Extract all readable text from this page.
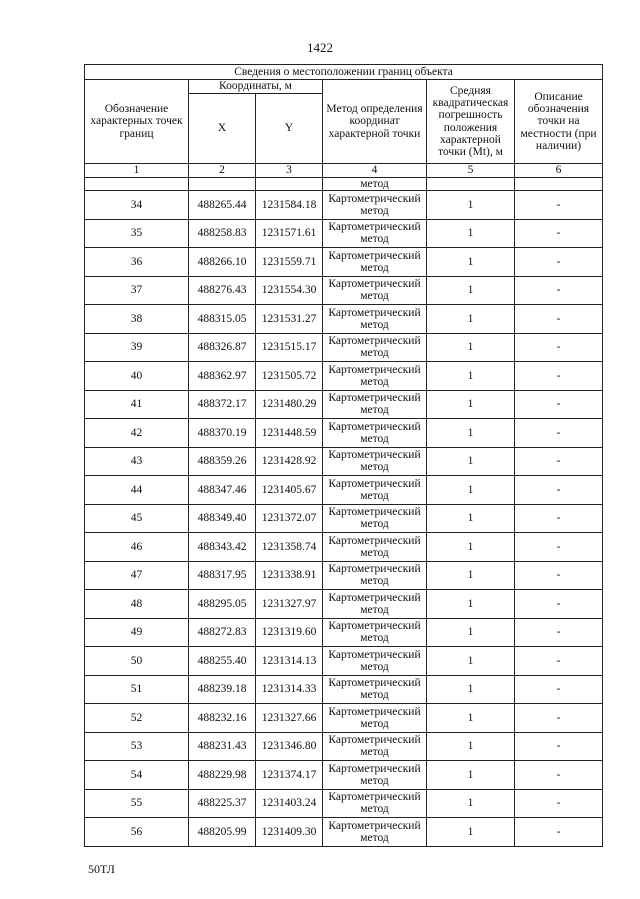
1422
Сведения о местоположении границ объекта					
Обозначение характерных точек границ	Координаты, м		Метод определения координат характерной точки	Средняя квадратическая погрешность положения характерной точки (Mt), м	Описание обозначения точки на местности (при наличии)
	X	Y			
1	2	3	4	5	6
			метод		
34	488265.44	1231584.18	Картометрический метод	1	-
35	488258.83	1231571.61	Картометрический метод	1	-
36	488266.10	1231559.71	Картометрический метод	1	-
37	488276.43	1231554.30	Картометрический метод	1	-
38	488315.05	1231531.27	Картометрический метод	1	-
39	488326.87	1231515.17	Картометрический метод	1	-
40	488362.97	1231505.72	Картометрический метод	1	-
41	488372.17	1231480.29	Картометрический метод	1	-
42	488370.19	1231448.59	Картометрический метод	1	-
43	488359.26	1231428.92	Картометрический метод	1	-
44	488347.46	1231405.67	Картометрический метод	1	-
45	488349.40	1231372.07	Картометрический метод	1	-
46	488343.42	1231358.74	Картометрический метод	1	-
47	488317.95	1231338.91	Картометрический метод	1	-
48	488295.05	1231327.97	Картометрический метод	1	-
49	488272.83	1231319.60	Картометрический метод	1	-
50	488255.40	1231314.13	Картометрический метод	1	-
51	488239.18	1231314.33	Картометрический метод	1	-
52	488232.16	1231327.66	Картометрический метод	1	-
53	488231.43	1231346.80	Картометрический метод	1	-
54	488229.98	1231374.17	Картометрический метод	1	-
55	488225.37	1231403.24	Картометрический метод	1	-
56	488205.99	1231409.30	Картометрический метод	1	-
50ТЛ
